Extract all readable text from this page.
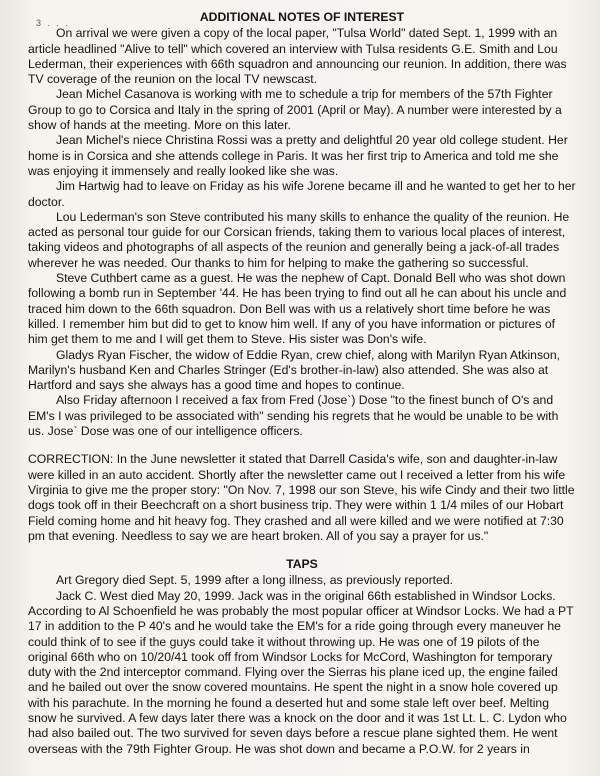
3 . . .	ADDITIONAL NOTES OF INTEREST

On arrival we were given a copy of the local paper, "Tulsa World" dated Sept. 1, 1999 with an article headlined "Alive to tell" which covered an interview with Tulsa residents G.E. Smith and Lou Lederman, their experiences with 66th squadron and announcing our reunion. In addition, there was TV coverage of the reunion on the local TV newscast.

Jean Michel Casanova is working with me to schedule a trip for members of the 57th Fighter Group to go to Corsica and Italy in the spring of 2001 (April or May). A number were interested by a show of hands at the meeting. More on this later.

Jean Michel's niece Christina Rossi was a pretty and delightful 20 year old college student. Her home is in Corsica and she attends college in Paris. It was her first trip to America and told me she was enjoying it immensely and really looked like she was.

Jim Hartwig had to leave on Friday as his wife Jorene became ill and he wanted to get her to her doctor.

Lou Lederman's son Steve contributed his many skills to enhance the quality of the reunion. He acted as personal tour guide for our Corsican friends, taking them to various local places of interest, taking videos and photographs of all aspects of the reunion and generally being a jack-of-all trades wherever he was needed. Our thanks to him for helping to make the gathering so successful.

Steve Cuthbert came as a guest. He was the nephew of Capt. Donald Bell who was shot down following a bomb run in September '44. He has been trying to find out all he can about his uncle and traced him down to the 66th squadron. Don Bell was with us a relatively short time before he was killed. I remember him but did to get to know him well. If any of you have information or pictures of him get them to me and I will get them to Steve. His sister was Don's wife.

Gladys Ryan Fischer, the widow of Eddie Ryan, crew chief, along with Marilyn Ryan Atkinson, Marilyn's husband Ken and Charles Stringer (Ed's brother-in-law) also attended. She was also at Hartford and says she always has a good time and hopes to continue.

Also Friday afternoon I received a fax from Fred (Jose`) Dose "to the finest bunch of O's and EM's I was privileged to be associated with" sending his regrets that he would be unable to be with us. Jose` Dose was one of our intelligence officers.

CORRECTION: In the June newsletter it stated that Darrell Casida's wife, son and daughter-in-law were killed in an auto accident. Shortly after the newsletter came out I received a letter from his wife Virginia to give me the proper story: "On Nov. 7, 1998 our son Steve, his wife Cindy and their two little dogs took off in their Beechcraft on a short business trip. They were within 1 1/4 miles of our Hobart Field coming home and hit heavy fog. They crashed and all were killed and we were notified at 7:30 pm that evening. Needless to say we are heart broken. All of you say a prayer for us."

TAPS

Art Gregory died Sept. 5, 1999 after a long illness, as previously reported.

Jack C. West died May 20, 1999. Jack was in the original 66th established in Windsor Locks. According to Al Schoenfield he was probably the most popular officer at Windsor Locks. We had a PT 17 in addition to the P 40's and he would take the EM's for a ride going through every maneuver he could think of to see if the guys could take it without throwing up. He was one of 19 pilots of the original 66th who on 10/20/41 took off from Windsor Locks for McCord, Washington for temporary duty with the 2nd interceptor command. Flying over the Sierras his plane iced up, the engine failed and he bailed out over the snow covered mountains. He spent the night in a snow hole covered up with his parachute. In the morning he found a deserted hut and some stale left over beef. Melting snow he survived. A few days later there was a knock on the door and it was 1st Lt. L. C. Lydon who had also bailed out. The two survived for seven days before a rescue plane sighted them. He went overseas with the 79th Fighter Group. He was shot down and became a P.O.W. for 2 years in
